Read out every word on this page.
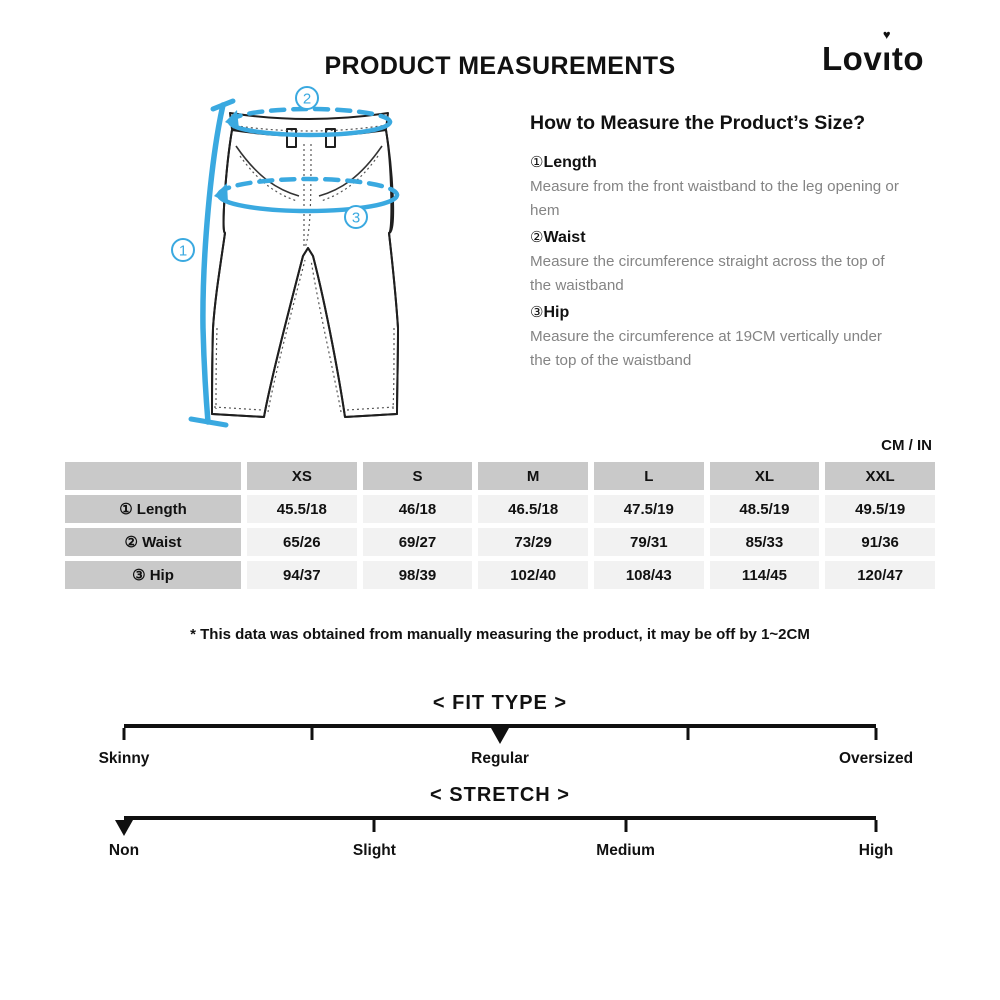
PRODUCT MEASUREMENTS	Lovı
♥
to
1
2
3
How to Measure the Product’s Size?
①Length
Measure from the front waistband to the leg opening or hem
②Waist
Measure the circumference straight across the top of the waistband
③Hip
Measure the circumference at 19CM vertically under the top of the waistband
CM / IN
	XS	S	M	L	XL	XXL
① Length	45.5/18	46/18	46.5/18	47.5/19	48.5/19	49.5/19
② Waist	65/26	69/27	73/29	79/31	85/33	91/36
③ Hip	94/37	98/39	102/40	108/43	114/45	120/47
* This data was obtained from manually measuring the product, it may be off by 1~2CM
< FIT TYPE >
Skinny	Regular	Oversized
< STRETCH >
Non	Slight	Medium	High
